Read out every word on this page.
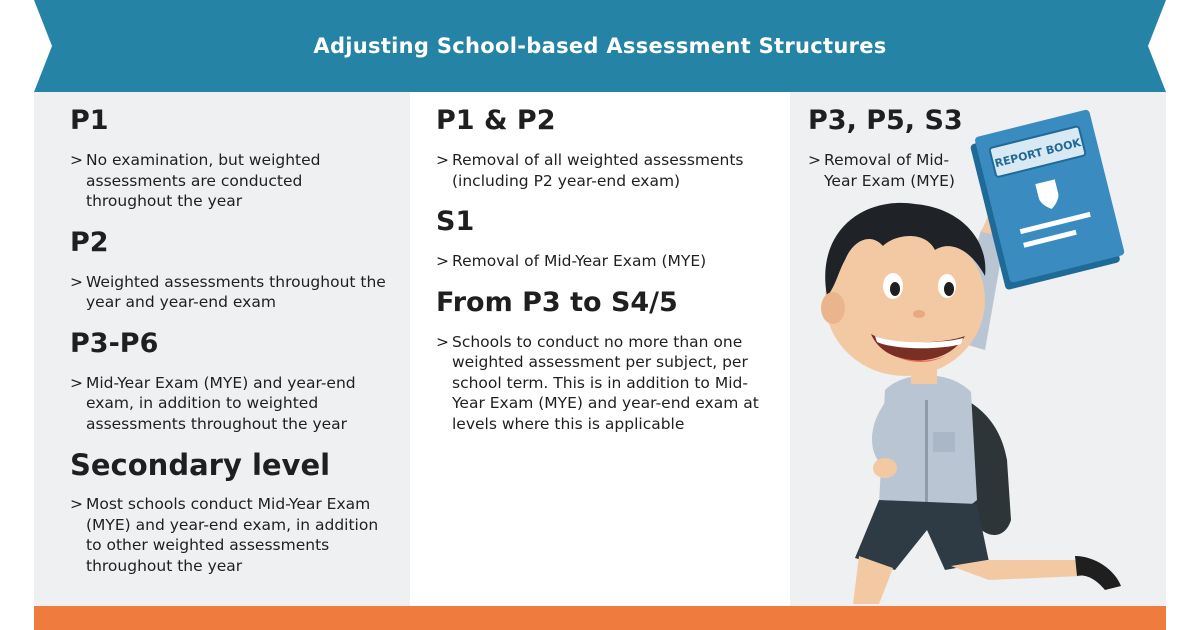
Adjusting School-based Assessment Structures
P1
> No examination, but weighted assessments are conducted throughout the year
P2
> Weighted assessments throughout the year and year-end exam
P3-P6
> Mid-Year Exam (MYE) and year-end exam, in addition to weighted assessments throughout the year
Secondary level
> Most schools conduct Mid-Year Exam (MYE) and year-end exam, in addition to other weighted assessments throughout the year
P1 & P2
> Removal of all weighted assessments (including P2 year-end exam)
S1
> Removal of Mid-Year Exam (MYE)
From P3 to S4/5
> Schools to conduct no more than one weighted assessment per subject, per school term. This is in addition to Mid-Year Exam (MYE) and year-end exam at levels where this is applicable
P3, P5, S3
> Removal of Mid-Year Exam (MYE)
REPORT BOOK
